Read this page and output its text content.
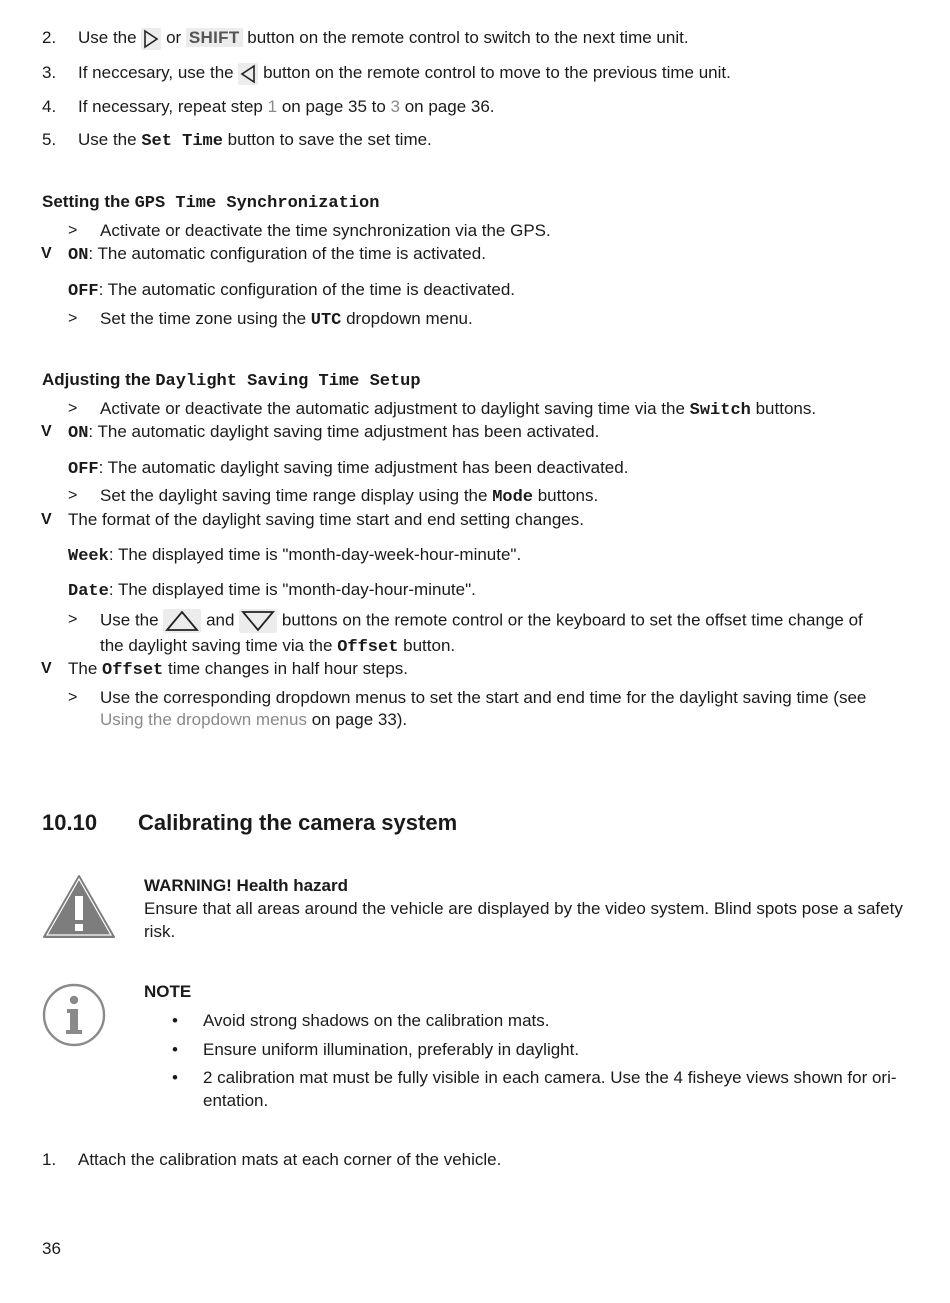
2. Use the or SHIFT button on the remote control to switch to the next time unit.
3. If neccesary, use the button on the remote control to move to the previous time unit.
4. If necessary, repeat step 1 on page 35 to 3 on page 36.
5. Use the Set Time button to save the set time.
Setting the GPS Time Synchronization
> Activate or deactivate the time synchronization via the GPS.
V ON: The automatic configuration of the time is activated.
OFF: The automatic configuration of the time is deactivated.
> Set the time zone using the UTC dropdown menu.
Adjusting the Daylight Saving Time Setup
> Activate or deactivate the automatic adjustment to daylight saving time via the Switch buttons.
V ON: The automatic daylight saving time adjustment has been activated.
OFF: The automatic daylight saving time adjustment has been deactivated.
> Set the daylight saving time range display using the Mode buttons.
V The format of the daylight saving time start and end setting changes.
Week: The displayed time is "month-day-week-hour-minute".
Date: The displayed time is "month-day-hour-minute".
> Use the	and	buttons on the remote control or the keyboard to set the offset time change of
the daylight saving time via the Offset button.
V The Offset time changes in half hour steps.
> Use the corresponding dropdown menus to set the start and end time for the daylight saving time (see
Using the dropdown menus on page 33).
10.10 Calibrating the camera system
WARNING! Health hazard
Ensure that all areas around the vehicle are displayed by the video system. Blind spots pose a safety
risk.
NOTE
• Avoid strong shadows on the calibration mats.
• Ensure uniform illumination, preferably in daylight.
• 2 calibration mat must be fully visible in each camera. Use the 4 fisheye views shown for ori-
entation.
1. Attach the calibration mats at each corner of the vehicle.
36
